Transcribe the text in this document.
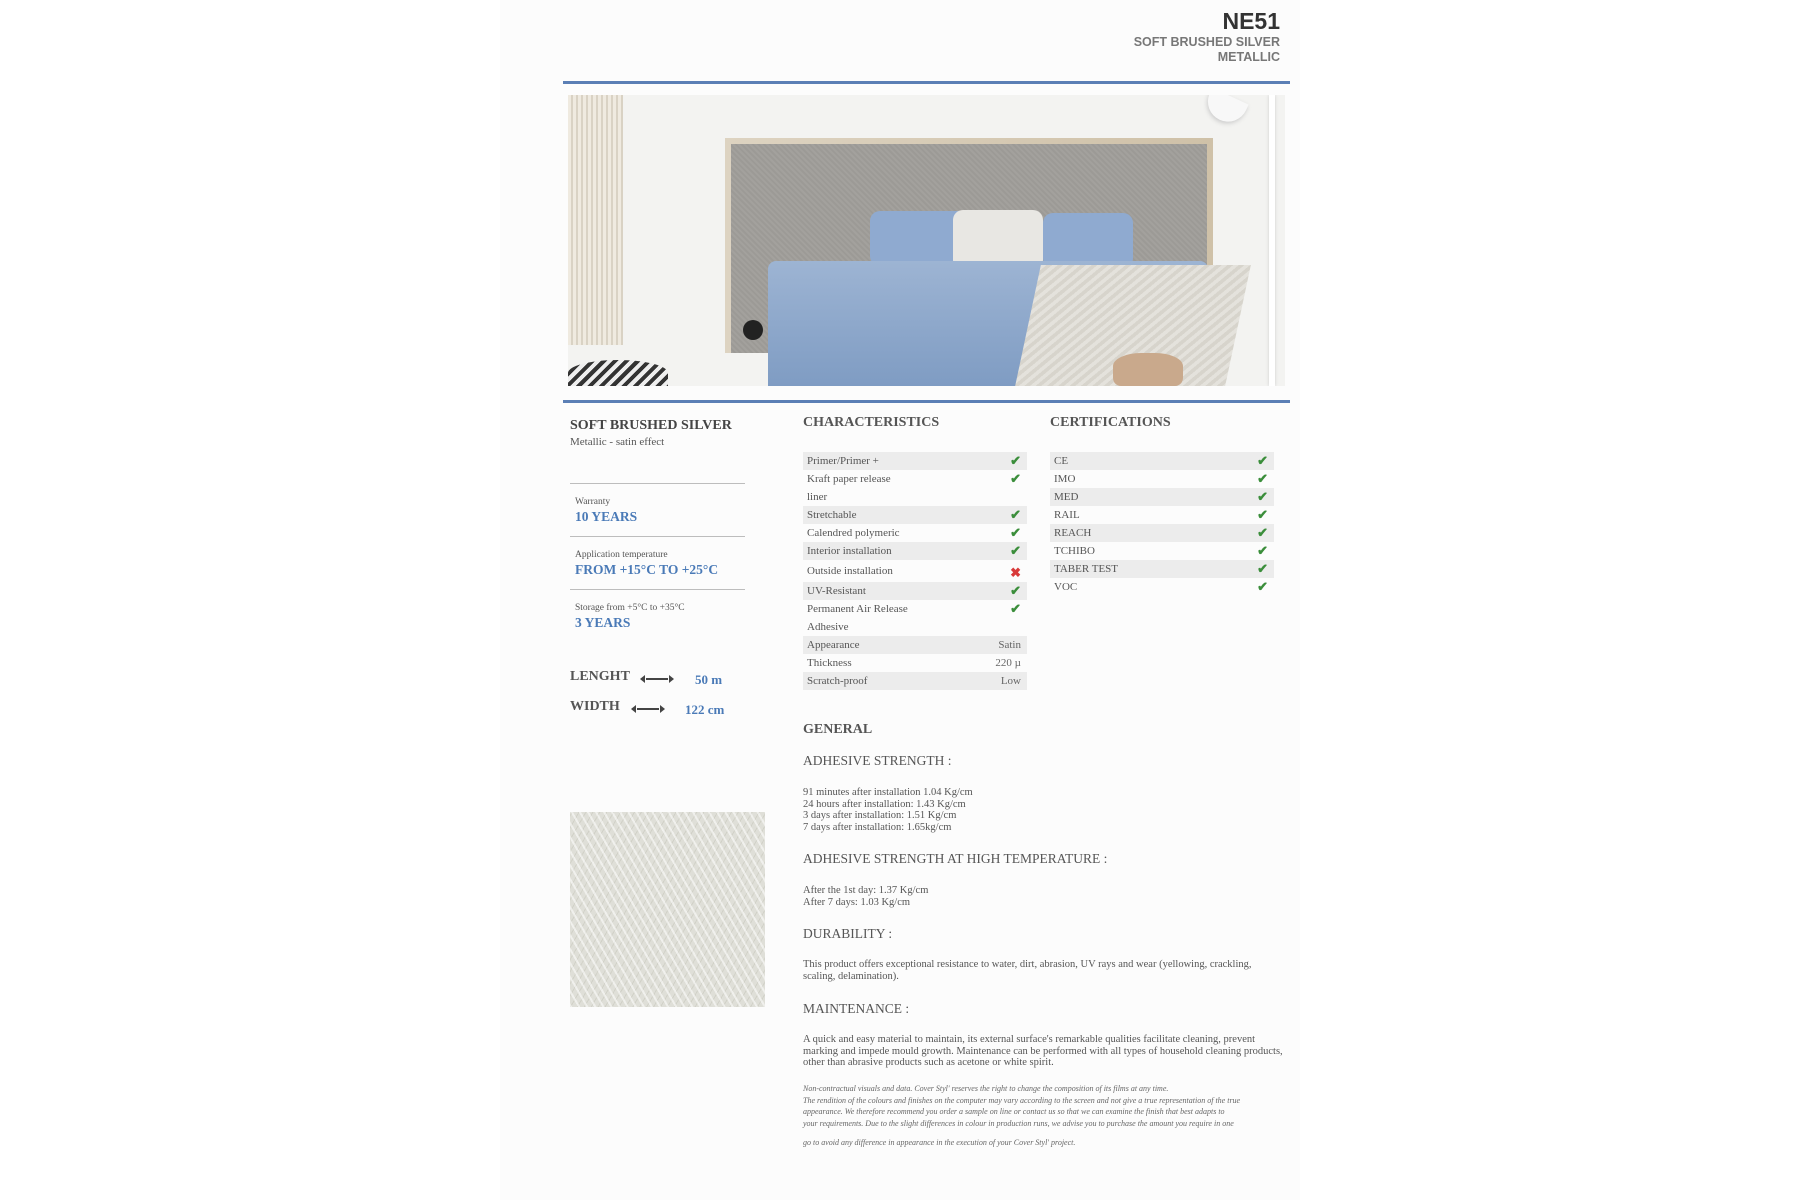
NE51
SOFT BRUSHED SILVER
METALLIC
SOFT BRUSHED SILVER
Metallic - satin effect
Warranty
10 YEARS
Application temperature
FROM +15°C TO +25°C
Storage from +5°C to +35°C
3 YEARS
LENGHT	50 m
WIDTH	122 cm
CHARACTERISTICS
Primer/Primer +	✔
Kraft paper release	✔
liner
Stretchable	✔
Calendred polymeric	✔
Interior installation	✔
Outside installation	✖
UV-Resistant	✔
Permanent Air Release	✔
Adhesive
Appearance	Satin
Thickness	220 µ
Scratch-proof	Low
CERTIFICATIONS
CE	✔
IMO	✔
MED	✔
RAIL	✔
REACH	✔
TCHIBO	✔
TABER TEST	✔
VOC	✔
GENERAL
ADHESIVE STRENGTH :
91 minutes after installation 1.04 Kg/cm
24 hours after installation: 1.43 Kg/cm
3 days after installation: 1.51 Kg/cm
7 days after installation: 1.65kg/cm
ADHESIVE STRENGTH AT HIGH TEMPERATURE :
After the 1st day: 1.37 Kg/cm
After 7 days: 1.03 Kg/cm
DURABILITY :
This product offers exceptional resistance to water, dirt, abrasion, UV rays and wear (yellowing, crackling, scaling, delamination).
MAINTENANCE :
A quick and easy material to maintain, its external surface's remarkable qualities facilitate cleaning, prevent marking and impede mould growth. Maintenance can be performed with all types of household cleaning products, other than abrasive products such as acetone or white spirit.
Non-contractual visuals and data. Cover Styl' reserves the right to change the composition of its films at any time.
The rendition of the colours and finishes on the computer may vary according to the screen and not give a true representation of the true
appearance. We therefore recommend you order a sample on line or contact us so that we can examine the finish that best adapts to
your requirements. Due to the slight differences in colour in production runs, we advise you to purchase the amount you require in one
go to avoid any difference in appearance in the execution of your Cover Styl' project.
